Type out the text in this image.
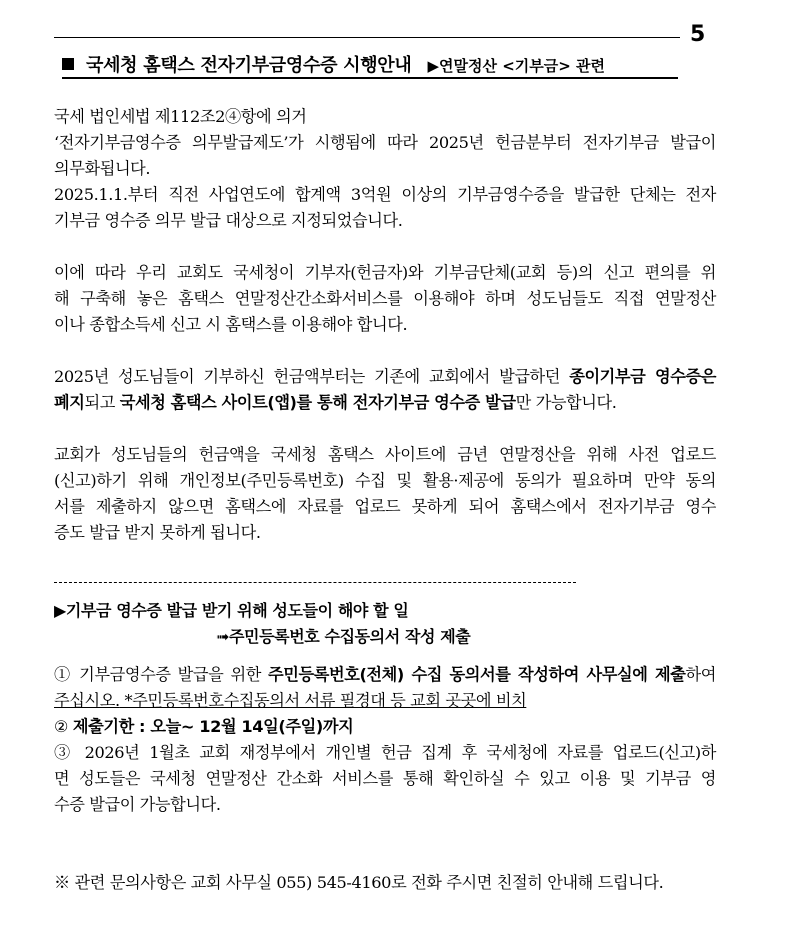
5
국세청 홈택스 전자기부금영수증 시행안내 ▶연말정산 <기부금> 관련
국세 법인세법 제112조2④항에 의거
‘전자기부금영수증 의무발급제도’가 시행됨에 따라 2025년 헌금분부터 전자기부금 발급이
의무화됩니다.
2025.1.1.부터 직전 사업연도에 합계액 3억원 이상의 기부금영수증을 발급한 단체는 전자
기부금 영수증 의무 발급 대상으로 지정되었습니다.
이에 따라 우리 교회도 국세청이 기부자(헌금자)와 기부금단체(교회 등)의 신고 편의를 위
해 구축해 놓은 홈택스 연말정산간소화서비스를 이용해야 하며 성도님들도 직접 연말정산
이나 종합소득세 신고 시 홈택스를 이용해야 합니다.
2025년 성도님들이 기부하신 헌금액부터는 기존에 교회에서 발급하던 종이기부금 영수증은
폐지되고 국세청 홈택스 사이트(앱)를 통해 전자기부금 영수증 발급만 가능합니다.
교회가 성도님들의 헌금액을 국세청 홈택스 사이트에 금년 연말정산을 위해 사전 업로드
(신고)하기 위해 개인정보(주민등록번호) 수집 및 활용·제공에 동의가 필요하며 만약 동의
서를 제출하지 않으면 홈택스에 자료를 업로드 못하게 되어 홈택스에서 전자기부금 영수
증도 발급 받지 못하게 됩니다.
▶기부금 영수증 발급 받기 위해 성도들이 해야 할 일
➟주민등록번호 수집동의서 작성 제출
① 기부금영수증 발급을 위한 주민등록번호(전체) 수집 동의서를 작성하여 사무실에 제출하여
주십시오. *주민등록번호수집동의서 서류 필경대 등 교회 곳곳에 비치
② 제출기한 : 오늘~ 12월 14일(주일)까지
③ 2026년 1월초 교회 재정부에서 개인별 헌금 집계 후 국세청에 자료를 업로드(신고)하
면 성도들은 국세청 연말정산 간소화 서비스를 통해 확인하실 수 있고 이용 및 기부금 영
수증 발급이 가능합니다.
※ 관련 문의사항은 교회 사무실 055) 545-4160로 전화 주시면 친절히 안내해 드립니다.
